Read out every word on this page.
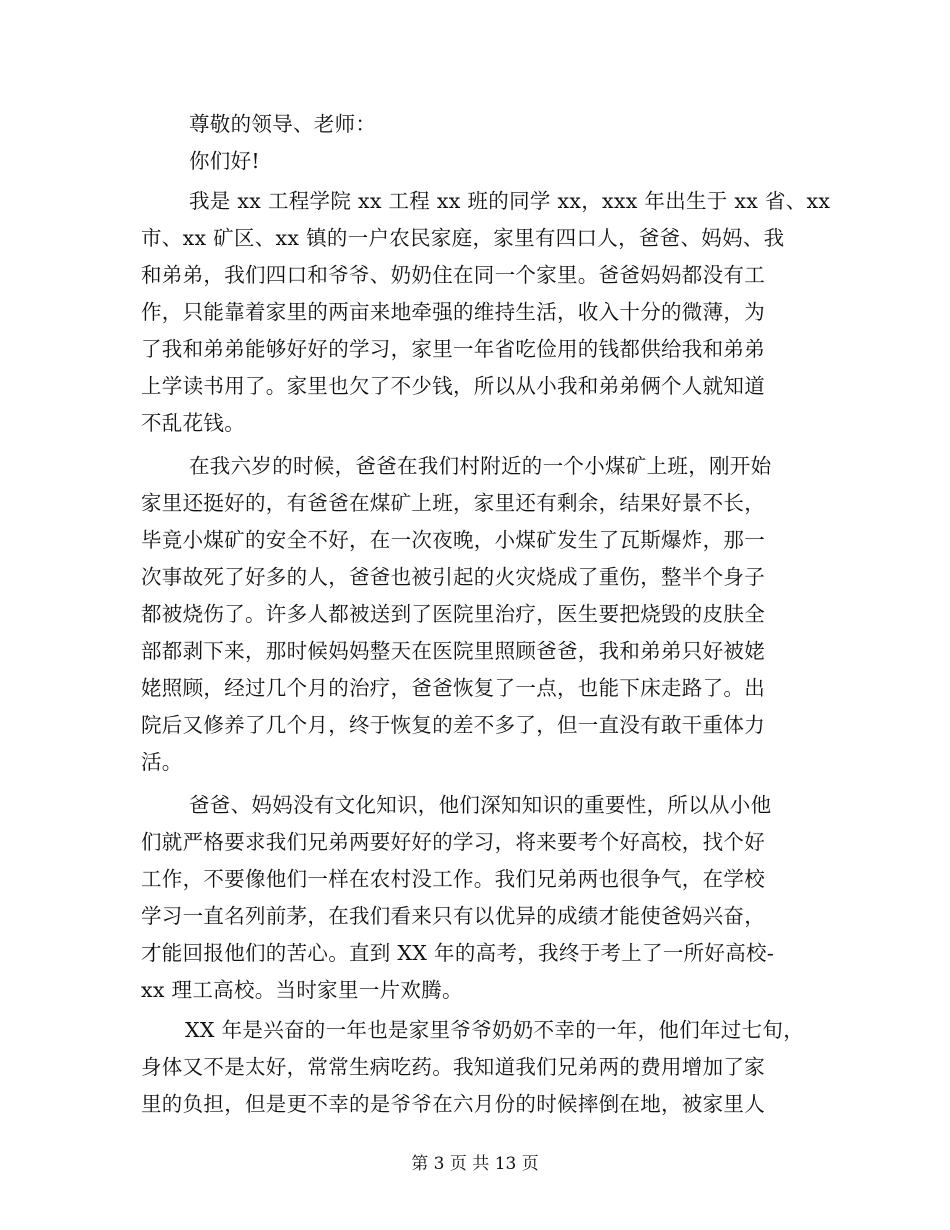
尊敬的领导、老师：
你们好!
我是 xx 工程学院 xx 工程 xx 班的同学 xx，xxx 年出生于 xx 省、xx
市、xx 矿区、xx 镇的一户农民家庭，家里有四口人，爸爸、妈妈、我
和弟弟，我们四口和爷爷、奶奶住在同一个家里。爸爸妈妈都没有工
作，只能靠着家里的两亩来地牵强的维持生活，收入十分的微薄，为
了我和弟弟能够好好的学习，家里一年省吃俭用的钱都供给我和弟弟
上学读书用了。家里也欠了不少钱，所以从小我和弟弟俩个人就知道
不乱花钱。
在我六岁的时候，爸爸在我们村附近的一个小煤矿上班，刚开始
家里还挺好的，有爸爸在煤矿上班，家里还有剩余，结果好景不长，
毕竟小煤矿的安全不好，在一次夜晚，小煤矿发生了瓦斯爆炸，那一
次事故死了好多的人，爸爸也被引起的火灾烧成了重伤，整半个身子
都被烧伤了。许多人都被送到了医院里治疗，医生要把烧毁的皮肤全
部都剥下来，那时候妈妈整天在医院里照顾爸爸，我和弟弟只好被姥
姥照顾，经过几个月的治疗，爸爸恢复了一点，也能下床走路了。出
院后又修养了几个月，终于恢复的差不多了，但一直没有敢干重体力
活。
爸爸、妈妈没有文化知识，他们深知知识的重要性，所以从小他
们就严格要求我们兄弟两要好好的学习，将来要考个好高校，找个好
工作，不要像他们一样在农村没工作。我们兄弟两也很争气，在学校
学习一直名列前茅，在我们看来只有以优异的成绩才能使爸妈兴奋，
才能回报他们的苦心。直到 XX 年的高考，我终于考上了一所好高校-
xx 理工高校。当时家里一片欢腾。
XX 年是兴奋的一年也是家里爷爷奶奶不幸的一年，他们年过七旬，
身体又不是太好，常常生病吃药。我知道我们兄弟两的费用增加了家
里的负担，但是更不幸的是爷爷在六月份的时候摔倒在地，被家里人
第 3 页 共 13 页
